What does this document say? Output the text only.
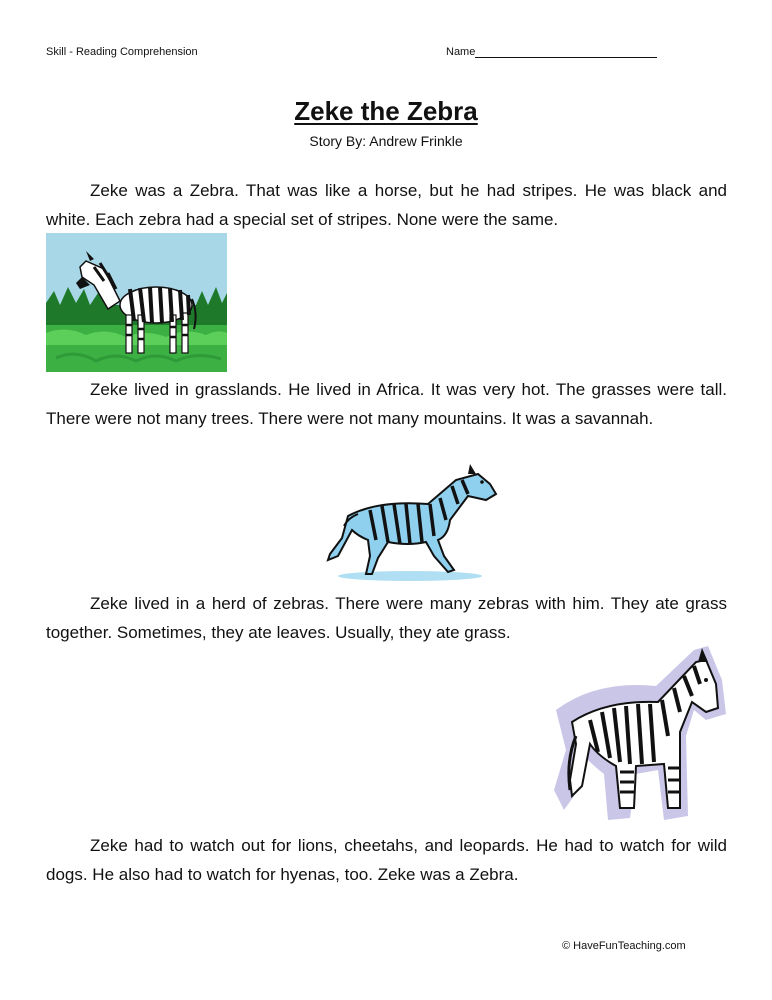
Skill - Reading Comprehension	Name
Zeke the Zebra
Story By: Andrew Frinkle

Zeke was a Zebra. That was like a horse, but he had stripes. He was black and white. Each zebra had a special set of stripes. None were the same.

Zeke lived in grasslands. He lived in Africa. It was very hot. The grasses were tall. There were not many trees. There were not many mountains. It was a savannah.

Zeke lived in a herd of zebras. There were many zebras with him. They ate grass together. Sometimes, they ate leaves. Usually, they ate grass.

Zeke had to watch out for lions, cheetahs, and leopards. He had to watch for wild dogs. He also had to watch for hyenas, too. Zeke was a Zebra.

© HaveFunTeaching.com
